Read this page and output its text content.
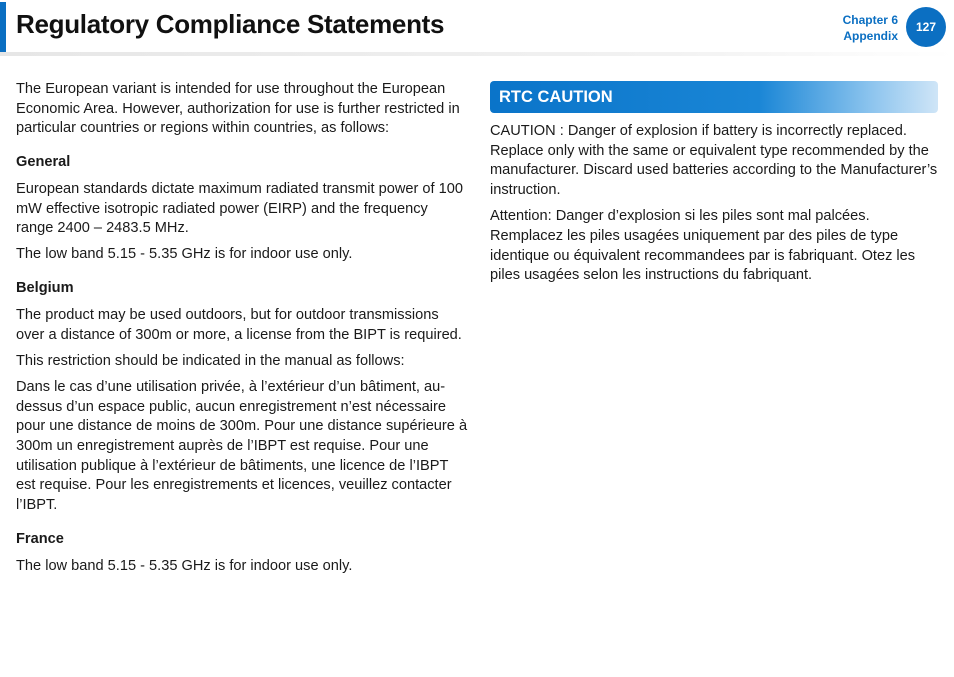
Regulatory Compliance Statements	Chapter 6
Appendix
127

The European variant is intended for use throughout the European Economic Area. However, authorization for use is further restricted in particular countries or regions within countries, as follows:

General

European standards dictate maximum radiated transmit power of 100 mW effective isotropic radiated power (EIRP) and the frequency range 2400 – 2483.5 MHz.

The low band 5.15 - 5.35 GHz is for indoor use only.

Belgium

The product may be used outdoors, but for outdoor transmissions over a distance of 300m or more, a license from the BIPT is required.

This restriction should be indicated in the manual as follows:

Dans le cas d’une utilisation privée, à l’extérieur d’un bâtiment, au-dessus d’un espace public, aucun enregistrement n’est nécessaire pour une distance de moins de 300m. Pour une distance supérieure à 300m un enregistrement auprès de l’IBPT est requise. Pour une utilisation publique à l’extérieur de bâtiments, une licence de l’IBPT est requise. Pour les enregistrements et licences, veuillez contacter l’IBPT.

France

The low band 5.15 - 5.35 GHz is for indoor use only.

RTC CAUTION

CAUTION : Danger of explosion if battery is incorrectly replaced. Replace only with the same or equivalent type recommended by the manufacturer. Discard used batteries according to the Manufacturer’s instruction.

Attention: Danger d’explosion si les piles sont mal palcées. Remplacez les piles usagées uniquement par des piles de type identique ou équivalent recommandees par is fabriquant. Otez les piles usagées selon les instructions du fabriquant.
